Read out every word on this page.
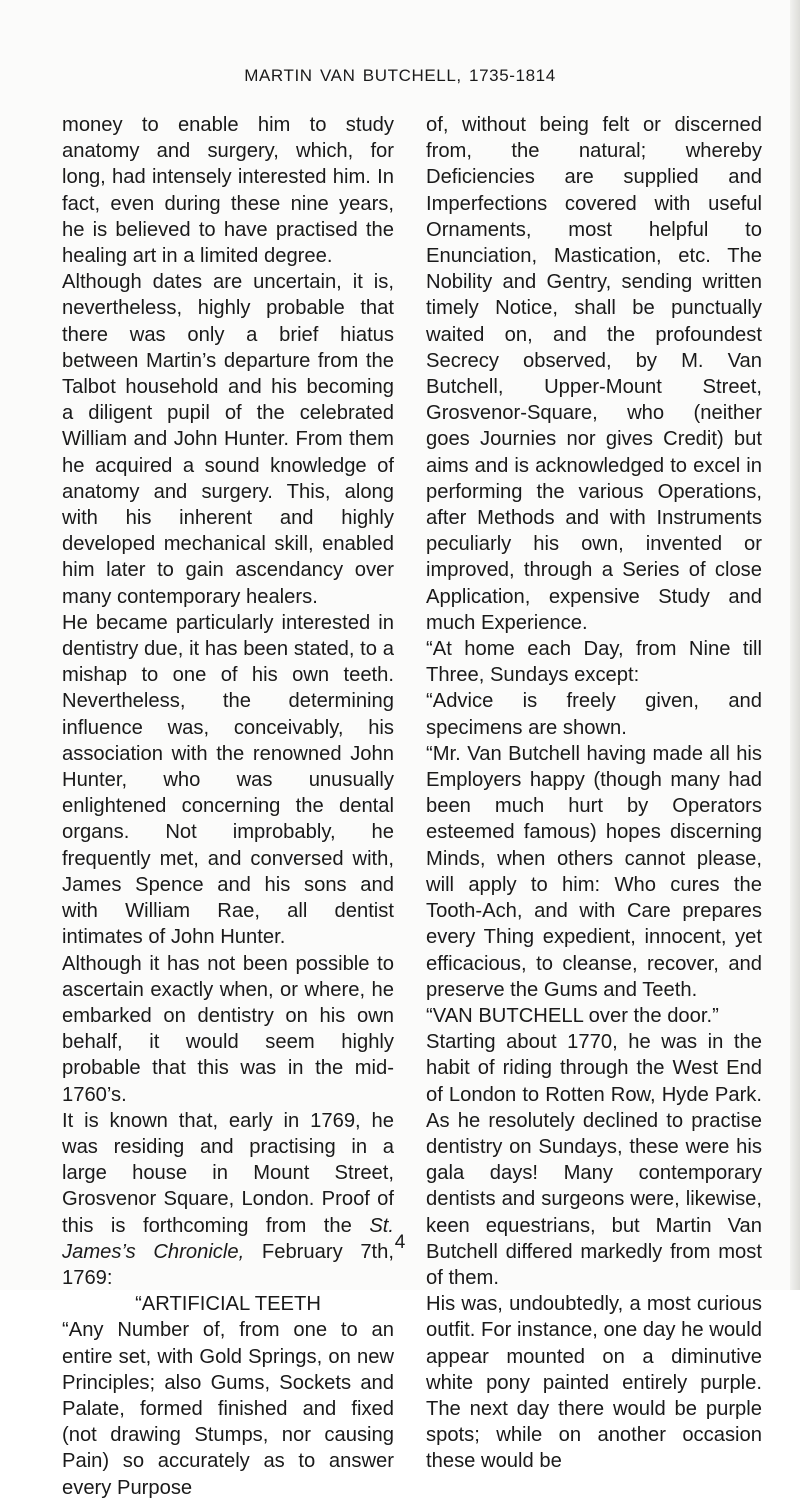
MARTIN VAN BUTCHELL, 1735-1814

money to enable him to study anatomy and surgery, which, for long, had intensely interested him. In fact, even during these nine years, he is believed to have practised the healing art in a limited degree.

Although dates are uncertain, it is, nevertheless, highly probable that there was only a brief hiatus between Martin’s departure from the Talbot household and his becoming a diligent pupil of the celebrated William and John Hunter. From them he acquired a sound knowledge of anatomy and surgery. This, along with his inherent and highly developed mechanical skill, enabled him later to gain ascendancy over many contemporary healers.

He became particularly interested in dentistry due, it has been stated, to a mishap to one of his own teeth. Nevertheless, the determining influence was, conceivably, his association with the renowned John Hunter, who was unusually enlightened concerning the dental organs. Not improbably, he frequently met, and conversed with, James Spence and his sons and with William Rae, all dentist intimates of John Hunter.

Although it has not been possible to ascertain exactly when, or where, he embarked on dentistry on his own behalf, it would seem highly probable that this was in the mid-1760’s.

It is known that, early in 1769, he was residing and practising in a large house in Mount Street, Grosvenor Square, London. Proof of this is forthcoming from the St. James’s Chronicle, February 7th, 1769:

“ARTIFICIAL TEETH

“Any Number of, from one to an entire set, with Gold Springs, on new Principles; also Gums, Sockets and Palate, formed finished and fixed (not drawing Stumps, nor causing Pain) so accurately as to answer every Purpose

of, without being felt or discerned from, the natural; whereby Deficiencies are supplied and Imperfections covered with useful Ornaments, most helpful to Enunciation, Mastication, etc. The Nobility and Gentry, sending written timely Notice, shall be punctually waited on, and the profoundest Secrecy observed, by M. Van Butchell, Upper-Mount Street, Grosvenor-Square, who (neither goes Journies nor gives Credit) but aims and is acknowledged to excel in performing the various Operations, after Methods and with Instruments peculiarly his own, invented or improved, through a Series of close Application, expensive Study and much Experience.

“At home each Day, from Nine till Three, Sundays except:

“Advice is freely given, and specimens are shown.

“Mr. Van Butchell having made all his Employers happy (though many had been much hurt by Operators esteemed famous) hopes discerning Minds, when others cannot please, will apply to him: Who cures the Tooth-Ach, and with Care prepares every Thing expedient, innocent, yet efficacious, to cleanse, recover, and preserve the Gums and Teeth.

“VAN BUTCHELL over the door.”

Starting about 1770, he was in the habit of riding through the West End of London to Rotten Row, Hyde Park. As he resolutely declined to practise dentistry on Sundays, these were his gala days! Many contemporary dentists and surgeons were, likewise, keen equestrians, but Martin Van Butchell differed markedly from most of them.

His was, undoubtedly, a most curious outfit. For instance, one day he would appear mounted on a diminutive white pony painted entirely purple. The next day there would be purple spots; while on another occasion these would be

4
